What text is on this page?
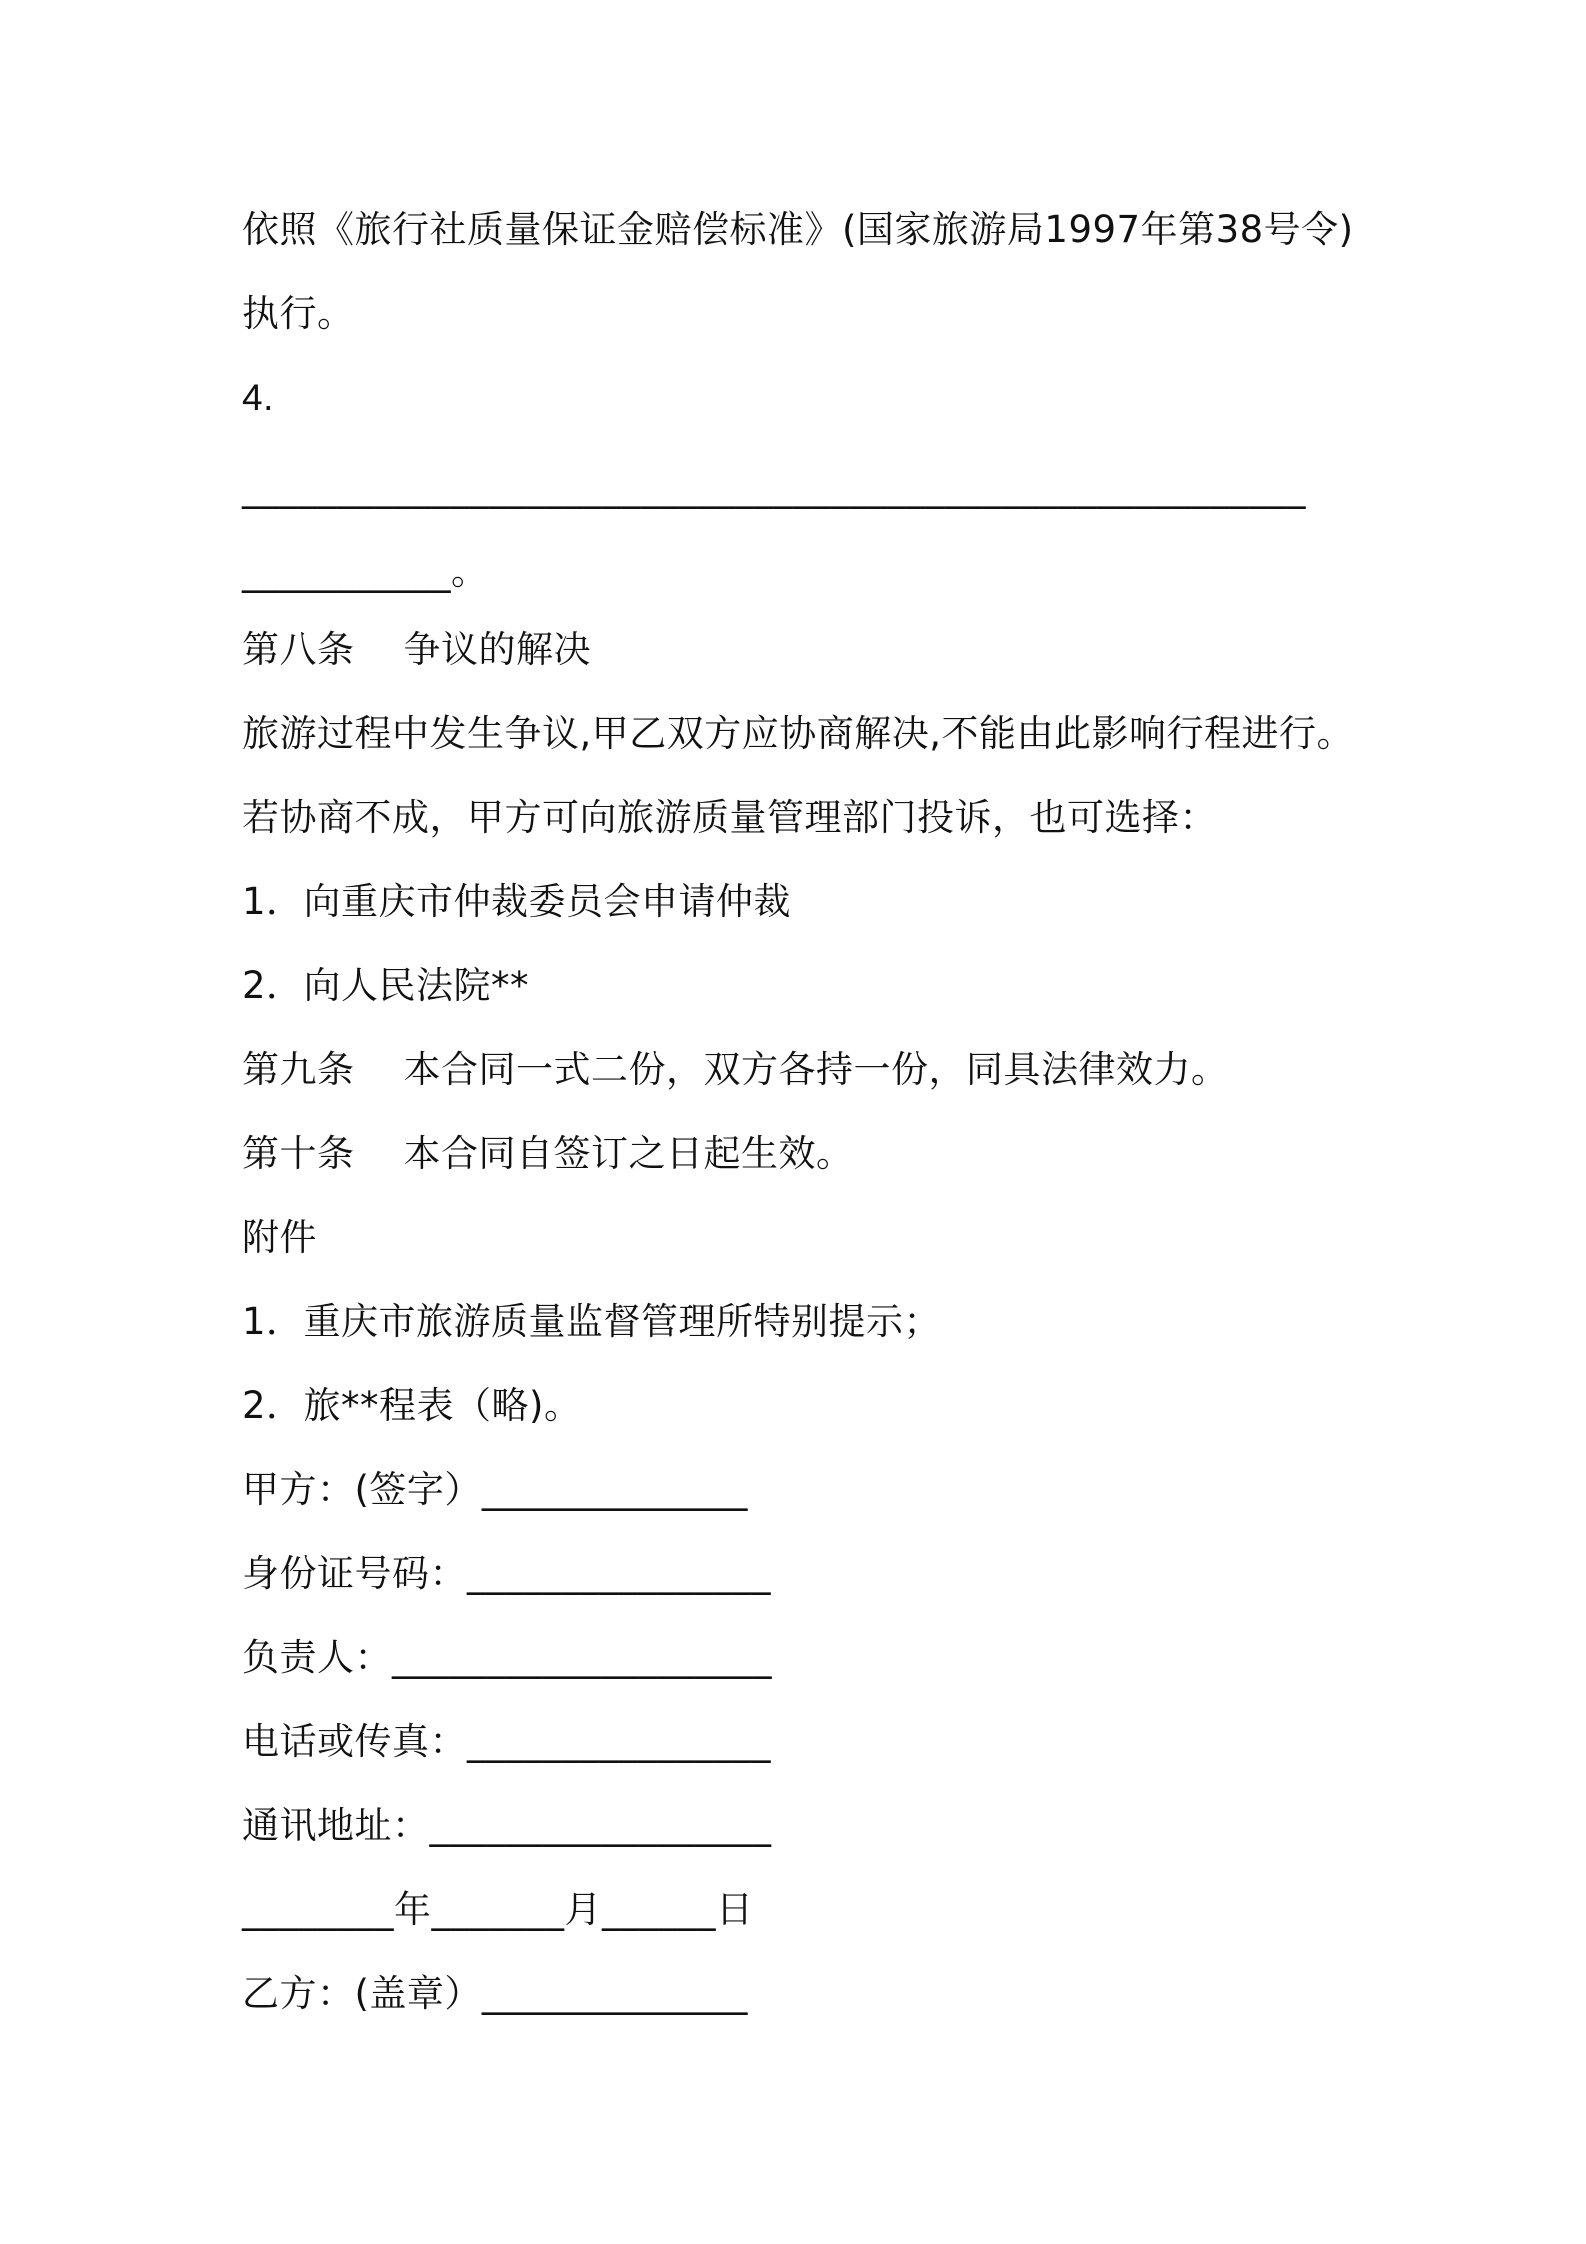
依照《旅行社质量保证金赔偿标准》(国家旅游局1997年第38号令)
执行。
4.
________________________________________________________
___________。
第八条    争议的解决
旅游过程中发生争议,甲乙双方应协商解决,不能由此影响行程进行。
若协商不成，甲方可向旅游质量管理部门投诉，也可选择：
1．向重庆市仲裁委员会申请仲裁
2．向人民法院**
第九条    本合同一式二份，双方各持一份，同具法律效力。
第十条    本合同自签订之日起生效。
附件
1．重庆市旅游质量监督管理所特别提示；
2．旅**程表（略)。
甲方：(签字）______________
身份证号码：________________
负责人：____________________
电话或传真：________________
通讯地址：__________________
________年_______月______日
乙方：(盖章）______________
